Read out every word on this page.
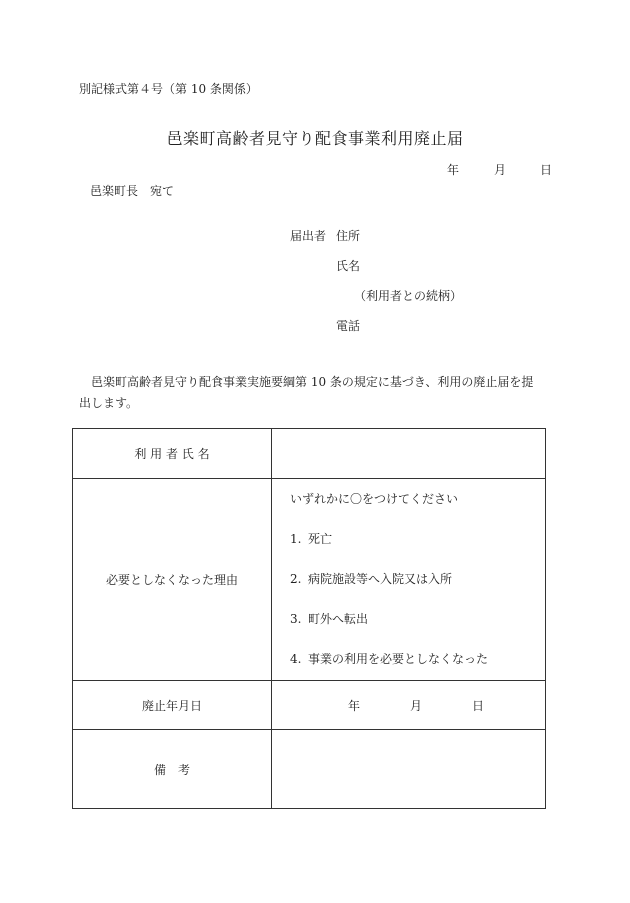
別記様式第４号（第 10 条関係）
邑楽町高齢者見守り配食事業利用廃止届
年	月	日
邑楽町長　宛て
届出者 住所
氏名
（利用者との続柄）
電話
邑楽町高齢者見守り配食事業実施要綱第 10 条の規定に基づき、利用の廃止届を提出します。
利 用 者 氏 名	
必要としなくなった理由	いずれかに〇をつけてください
1. 死亡
2. 病院施設等へ入院又は入所
3. 町外へ転出
4. 事業の利用を必要としなくなった

廃止年月日	年 月 日

備　考	
